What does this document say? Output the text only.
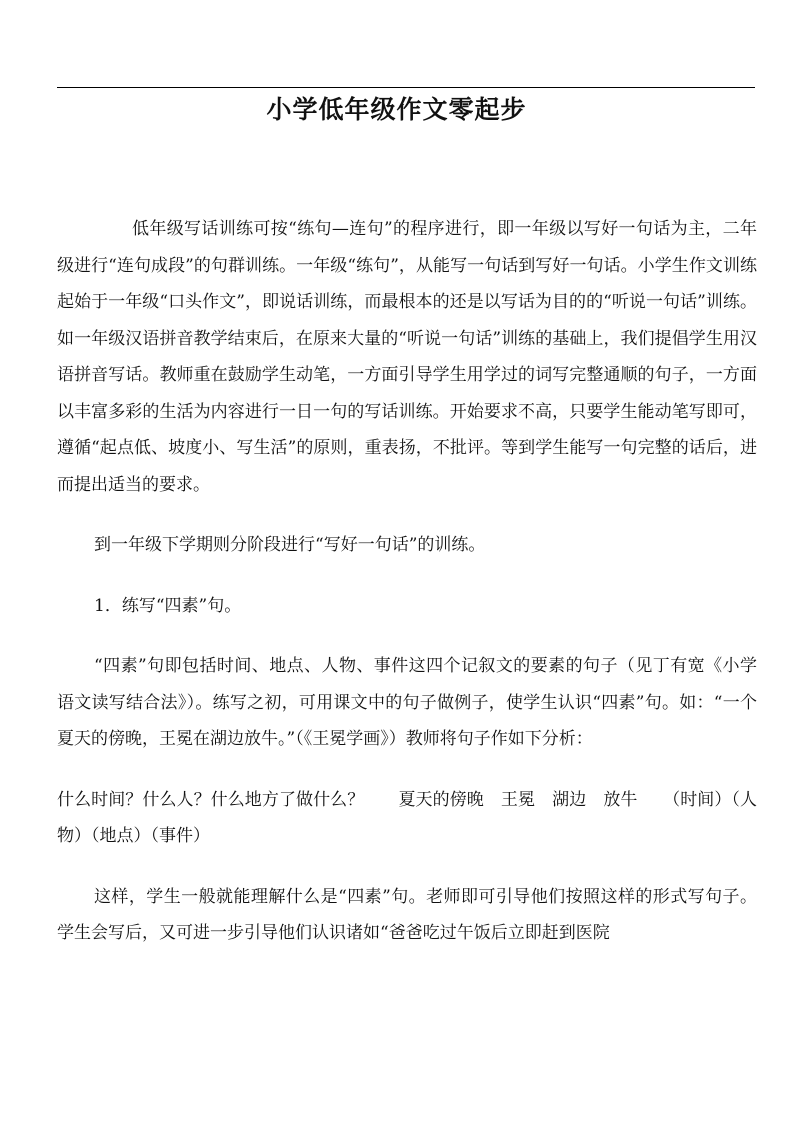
小学低年级作文零起步

低年级写话训练可按“练句—连句”的程序进行，即一年级以写好一句话为主，二年级进行“连句成段”的句群训练。一年级“练句”，从能写一句话到写好一句话。小学生作文训练起始于一年级“口头作文”，即说话训练，而最根本的还是以写话为目的的“听说一句话”训练。如一年级汉语拼音教学结束后，在原来大量的“听说一句话”训练的基础上，我们提倡学生用汉语拼音写话。教师重在鼓励学生动笔，一方面引导学生用学过的词写完整通顺的句子，一方面以丰富多彩的生活为内容进行一日一句的写话训练。开始要求不高，只要学生能动笔写即可，遵循“起点低、坡度小、写生活”的原则，重表扬，不批评。等到学生能写一句完整的话后，进而提出适当的要求。

到一年级下学期则分阶段进行“写好一句话”的训练。

1．练写“四素”句。

“四素”句即包括时间、地点、人物、事件这四个记叙文的要素的句子（见丁有宽《小学语文读写结合法》）。练写之初，可用课文中的句子做例子，使学生认识“四素”句。如：“一个夏天的傍晚，王冕在湖边放牛。”（《王冕学画》）教师将句子作如下分析：

什么时间？什么人？什么地方了做什么？　　夏天的傍晚　王冕　湖边　放牛　　（时间）（人物）（地点）（事件）

这样，学生一般就能理解什么是“四素”句。老师即可引导他们按照这样的形式写句子。学生会写后，又可进一步引导他们认识诸如“爸爸吃过午饭后立即赶到医院
